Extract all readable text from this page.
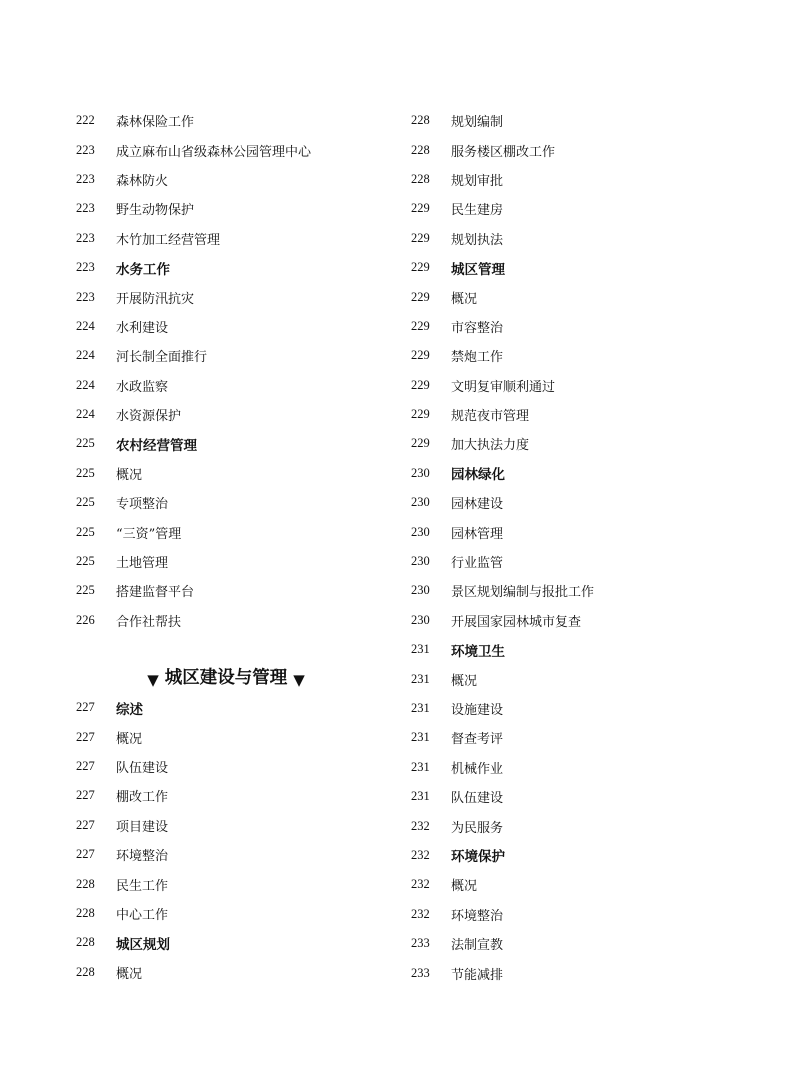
222	森林保险工作
223	成立麻布山省级森林公园管理中心
223	森林防火
223	野生动物保护
223	木竹加工经营管理
223	水务工作
223	开展防汛抗灾
224	水利建设
224	河长制全面推行
224	水政监察
224	水资源保护
225	农村经营管理
225	概况
225	专项整治
225	“三资”管理
225	土地管理
225	搭建监督平台
226	合作社帮扶
▼ 城区建设与管理 ▼
227	综述
227	概况
227	队伍建设
227	棚改工作
227	项目建设
227	环境整治
228	民生工作
228	中心工作
228	城区规划
228	概况
228	规划编制
228	服务楼区棚改工作
228	规划审批
229	民生建房
229	规划执法
229	城区管理
229	概况
229	市容整治
229	禁炮工作
229	文明复审顺利通过
229	规范夜市管理
229	加大执法力度
230	园林绿化
230	园林建设
230	园林管理
230	行业监管
230	景区规划编制与报批工作
230	开展国家园林城市复查
231	环境卫生
231	概况
231	设施建设
231	督查考评
231	机械作业
231	队伍建设
232	为民服务
232	环境保护
232	概况
232	环境整治
233	法制宣教
233	节能减排
